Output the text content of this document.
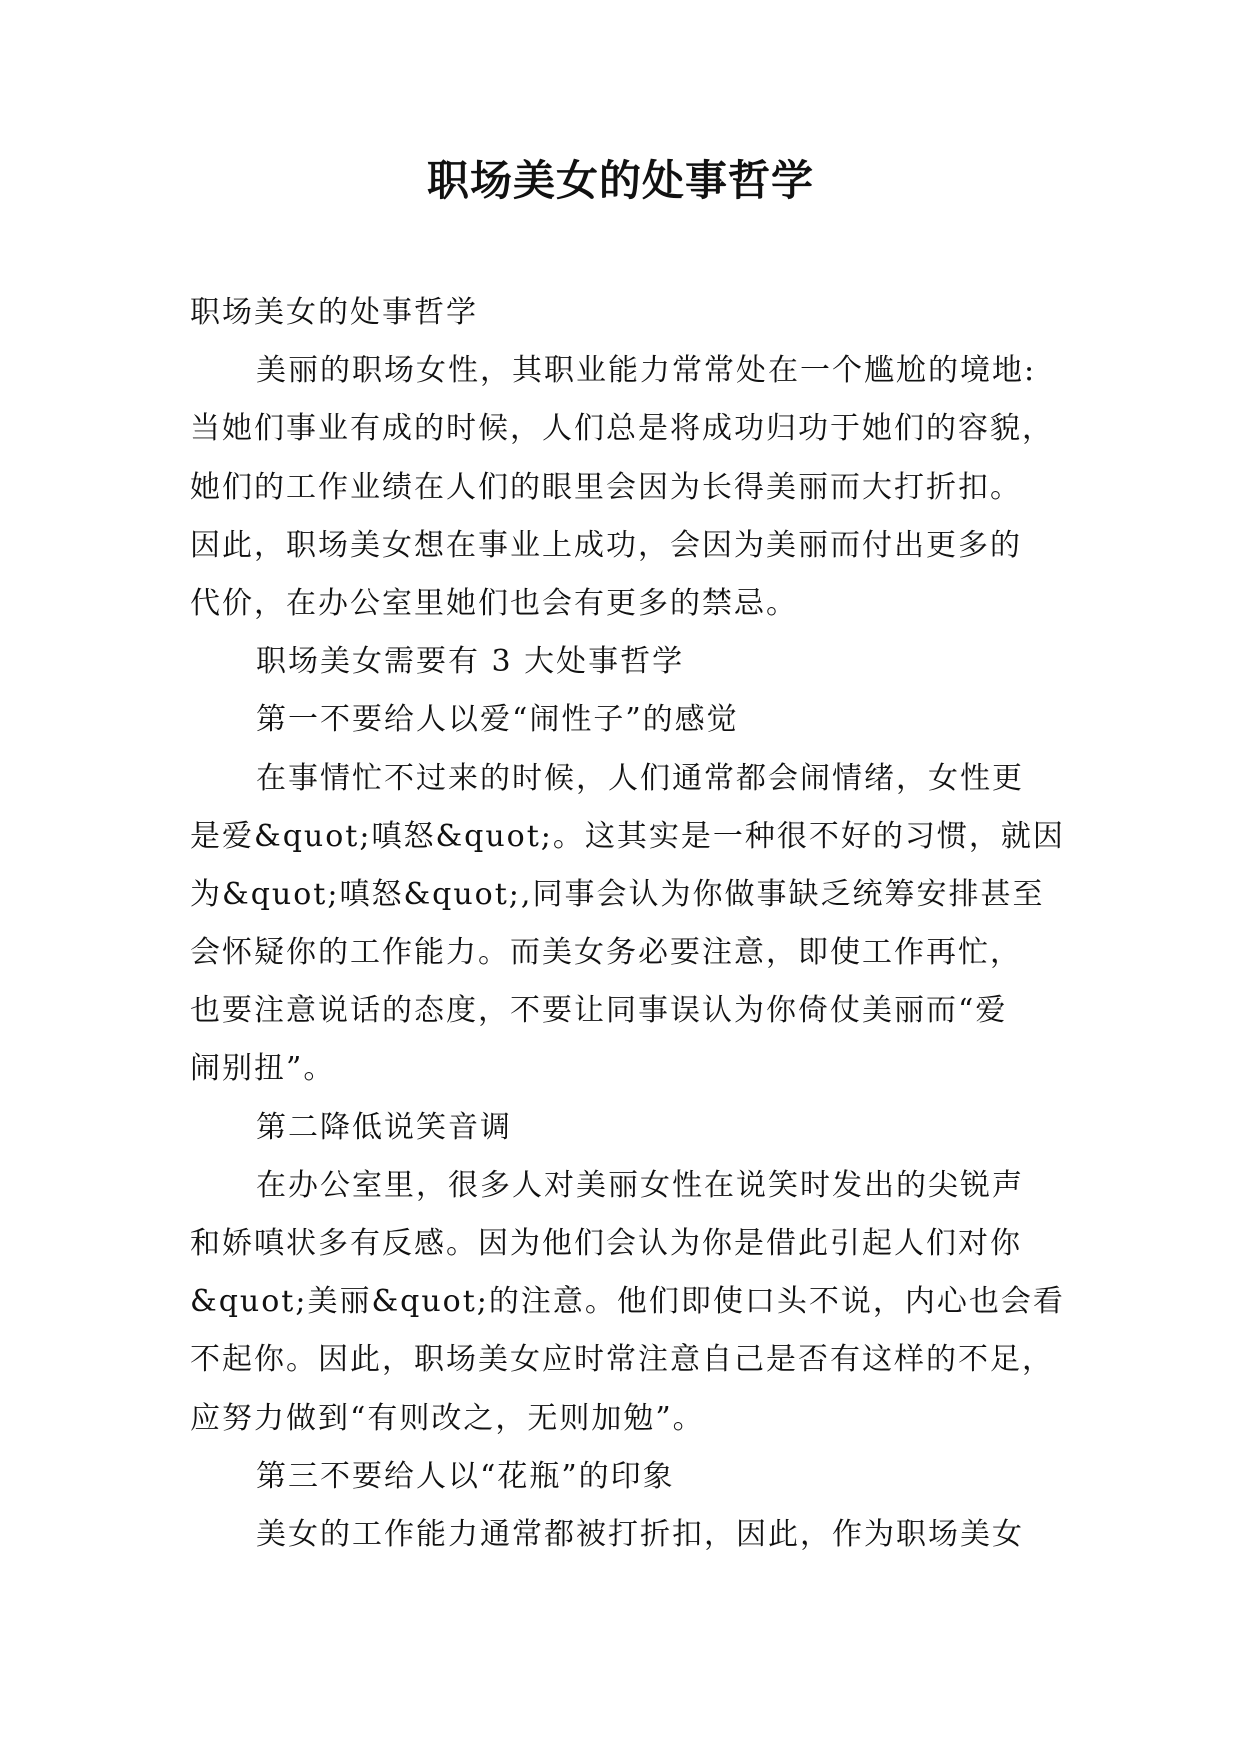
职场美女的处事哲学
职场美女的处事哲学
美丽的职场女性，其职业能力常常处在一个尴尬的境地:
当她们事业有成的时候，人们总是将成功归功于她们的容貌，
她们的工作业绩在人们的眼里会因为长得美丽而大打折扣。
因此，职场美女想在事业上成功，会因为美丽而付出更多的
代价，在办公室里她们也会有更多的禁忌。
职场美女需要有 3 大处事哲学
第一不要给人以爱“闹性子”的感觉
在事情忙不过来的时候，人们通常都会闹情绪，女性更
是爱&quot;嗔怒&quot;。这其实是一种很不好的习惯，就因
为&quot;嗔怒&quot;,同事会认为你做事缺乏统筹安排甚至
会怀疑你的工作能力。而美女务必要注意，即使工作再忙，
也要注意说话的态度，不要让同事误认为你倚仗美丽而“爱
闹别扭”。
第二降低说笑音调
在办公室里，很多人对美丽女性在说笑时发出的尖锐声
和娇嗔状多有反感。因为他们会认为你是借此引起人们对你
&quot;美丽&quot;的注意。他们即使口头不说，内心也会看
不起你。因此，职场美女应时常注意自己是否有这样的不足，
应努力做到“有则改之，无则加勉”。
第三不要给人以“花瓶”的印象
美女的工作能力通常都被打折扣，因此，作为职场美女
